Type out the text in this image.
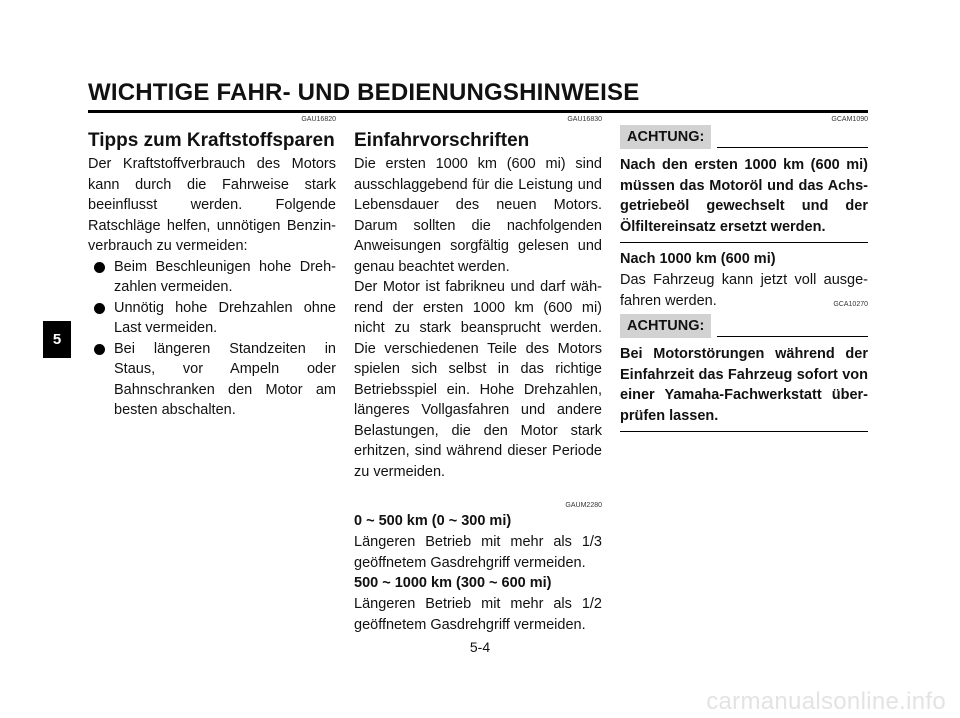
WICHTIGE FAHR- UND BEDIENUNGSHINWEISE
5
GAU16820
Tipps zum Kraftstoffsparen

Der Kraftstoffverbrauch des Motors kann durch die Fahrweise stark beeinflusst werden. Folgende Ratschläge helfen, unnötigen Benzin- verbrauch zu vermeiden:

Beim Beschleunigen hohe Dreh- zahlen vermeiden.
Unnötig hohe Drehzahlen ohne Last vermeiden.
Bei längeren Standzeiten in Staus, vor Ampeln oder Bahnschranken den Motor am besten abschalten.
GAU16830
Einfahrvorschriften

Die ersten 1000 km (600 mi) sind ausschlaggebend für die Leistung und Lebensdauer des neuen Motors. Darum sollten die nachfolgenden Anweisungen sorgfältig gelesen und genau beachtet werden.

Der Motor ist fabrikneu und darf wäh- rend der ersten 1000 km (600 mi) nicht zu stark beansprucht werden. Die verschiedenen Teile des Motors spielen sich selbst in das richtige Betriebsspiel ein. Hohe Drehzahlen, längeres Vollgasfahren und andere Belastungen, die den Motor stark erhitzen, sind während dieser Periode zu vermeiden.

GAUM2280

0 ~ 500 km (0 ~ 300 mi)

Längeren Betrieb mit mehr als 1/3 geöffnetem Gasdrehgriff vermeiden.

500 ~ 1000 km (300 ~ 600 mi)

Längeren Betrieb mit mehr als 1/2 geöffnetem Gasdrehgriff vermeiden.

GCAM1090
ACHTUNG:

Nach den ersten 1000 km (600 mi) müssen das Motoröl und das Achs- getriebeöl gewechselt und der Ölfiltereinsatz ersetzt werden.

Nach 1000 km (600 mi)

Das Fahrzeug kann jetzt voll ausge- fahren werden.	GCA10270
ACHTUNG:

Bei Motorstörungen während der Einfahrzeit das Fahrzeug sofort von einer Yamaha-Fachwerkstatt über- prüfen lassen.

5-4
carmanualsonline.info
